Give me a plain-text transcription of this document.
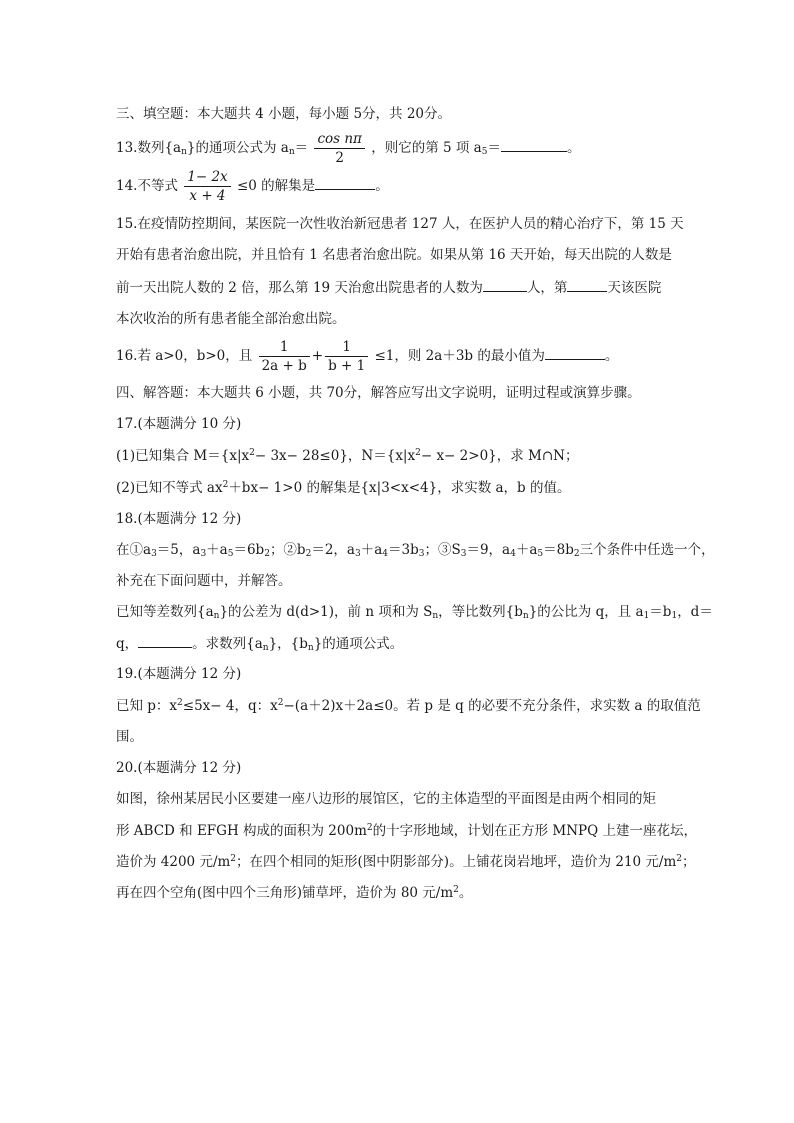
三、填空题：本大题共 4 小题，每小题 5分，共 20分。
13.数列$\{a_n\}$的通项公式为 $a_n= \frac{\text{cos nπ}}{2}$ ，则它的第 5 项 $a_5=$	。
14.不等式 $\frac{1- 2x}{x + 4} \le 0$ 的解集是	。
15.在疫情防控期间，某医院一次性收治新冠患者 127 人，在医护人员的精心治疗下，第 15 天
开始有患者治愈出院，并且恰有 1 名患者治愈出院。如果从第 16 天开始，每天出院的人数是
前一天出院人数的 2 倍，那么第 19 天治愈出院患者的人数为	人，第	天该医院
本次收治的所有患者能全部治愈出院。
16.若 a>0，b>0，且 $\frac{1}{2a + b} + \frac{1}{b + 1} \le 1$，则 2a＋3b 的最小值为	。
四、解答题：本大题共 6 小题，共 70分，解答应写出文字说明，证明过程或演算步骤。
17.(本题满分 10 分)
(1)已知集合 $M=\{x|x^2- 3x- 28\le 0\}$，$N=\{x|x^2- x- 2>0\}$，求 M∩N；
(2)已知不等式 $ax^2+bx- 1>0$ 的解集是{x|3<x<4}，求实数 a，b 的值。
18.(本题满分 12 分)
在$①a_3=5$，$a_3+a_5=6b_2$；$②b_2=2$，$a_3+a_4=3b_3$；$③S_3=9$，$a_4+a_5=8b_2$三个条件中任选一个，
补充在下面问题中，并解答。
已知等差数列$\{a_n\}$的公差为 d(d>1)，前 n 项和为 $S_n$，等比数列$\{b_n\}$的公比为 q，且 $a_1=b_1$，d＝
q，	。求数列$\{a_n\}$，$\{b_n\}$的通项公式。
19.(本题满分 12 分)
已知 p：$x^2\le 5x- 4$，q：$x^2-(a+2)x+2a\le 0$。若 p 是 q 的必要不充分条件，求实数 a 的取值范
围。
20.(本题满分 12 分)
如图，徐州某居民小区要建一座八边形的展馆区，它的主体造型的平面图是由两个相同的矩
形 ABCD 和 EFGH 构成的面积为 $200m^2$的十字形地域，计划在正方形 MNPQ 上建一座花坛，
造价为 4200 元$/m^2$；在四个相同的矩形(图中阴影部分)。上铺花岗岩地坪，造价为 210 元$/m^2$；
再在四个空角(图中四个三角形)铺草坪，造价为 80 元$/m^2$。
